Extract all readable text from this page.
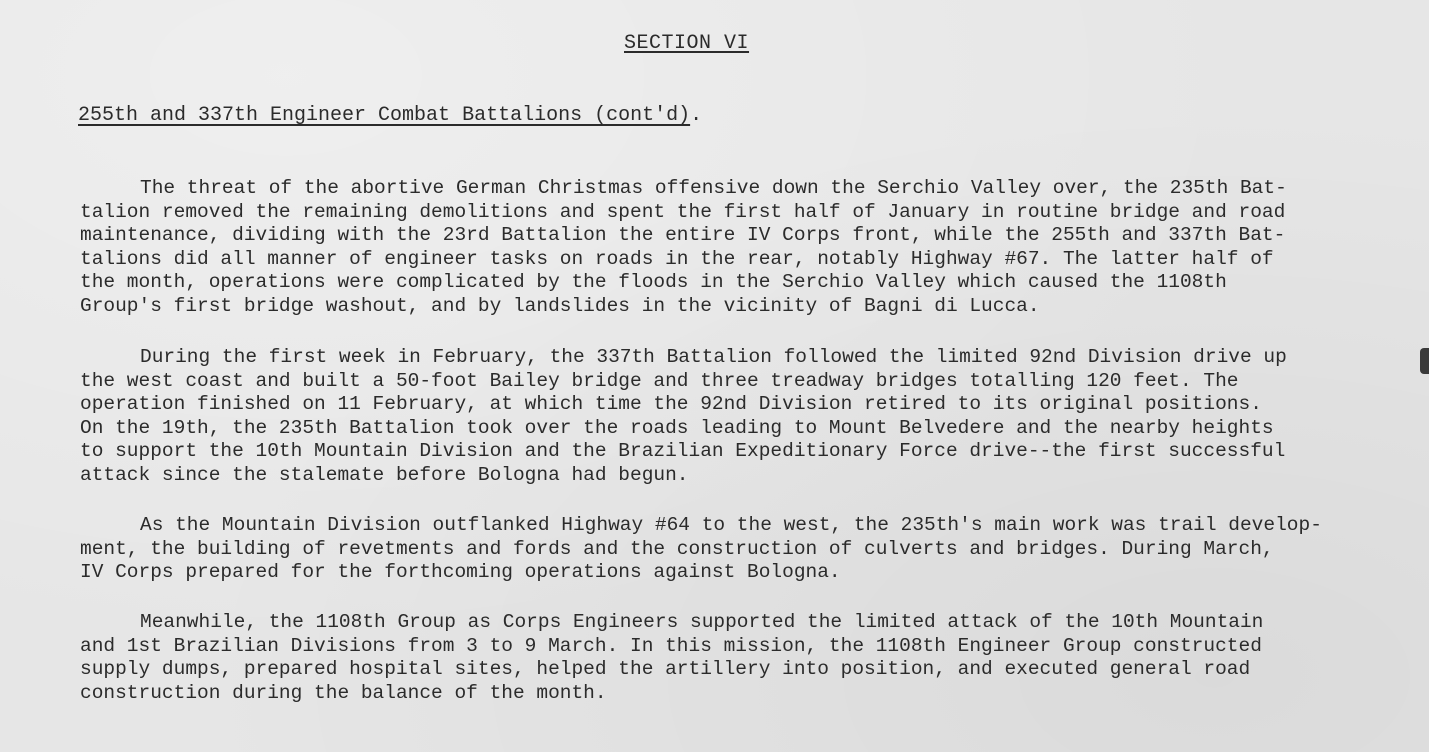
SECTION VI
255th and 337th Engineer Combat Battalions (cont'd).
The threat of the abortive German Christmas offensive down the Serchio Valley over, the 235th Bat-
talion removed the remaining demolitions and spent the first half of January in routine bridge and road
maintenance, dividing with the 23rd Battalion the entire IV Corps front, while the 255th and 337th Bat-
talions did all manner of engineer tasks on roads in the rear, notably Highway #67. The latter half of
the month, operations were complicated by the floods in the Serchio Valley which caused the 1108th
Group's first bridge washout, and by landslides in the vicinity of Bagni di Lucca.
During the first week in February, the 337th Battalion followed the limited 92nd Division drive up
the west coast and built a 50-foot Bailey bridge and three treadway bridges totalling 120 feet. The
operation finished on 11 February, at which time the 92nd Division retired to its original positions.
On the 19th, the 235th Battalion took over the roads leading to Mount Belvedere and the nearby heights
to support the 10th Mountain Division and the Brazilian Expeditionary Force drive--the first successful
attack since the stalemate before Bologna had begun.
As the Mountain Division outflanked Highway #64 to the west, the 235th's main work was trail develop-
ment, the building of revetments and fords and the construction of culverts and bridges. During March,
IV Corps prepared for the forthcoming operations against Bologna.
Meanwhile, the 1108th Group as Corps Engineers supported the limited attack of the 10th Mountain
and 1st Brazilian Divisions from 3 to 9 March. In this mission, the 1108th Engineer Group constructed
supply dumps, prepared hospital sites, helped the artillery into position, and executed general road
construction during the balance of the month.
